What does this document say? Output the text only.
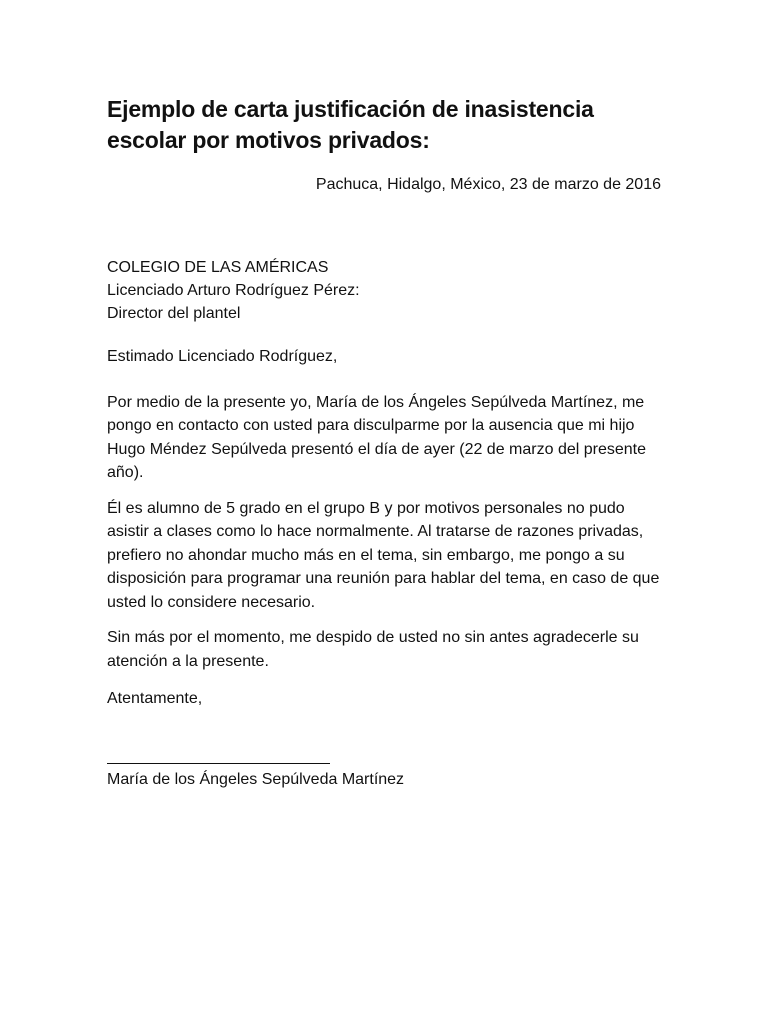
Ejemplo de carta justificación de inasistencia escolar por motivos privados:
Pachuca, Hidalgo, México, 23 de marzo de 2016
COLEGIO DE LAS AMÉRICAS
Licenciado Arturo Rodríguez Pérez:
Director del plantel

Estimado Licenciado Rodríguez,

Por medio de la presente yo, María de los Ángeles Sepúlveda Martínez, me pongo en contacto con usted para disculparme por la ausencia que mi hijo Hugo Méndez Sepúlveda presentó el día de ayer (22 de marzo del presente año).

Él es alumno de 5 grado en el grupo B y por motivos personales no pudo asistir a clases como lo hace normalmente. Al tratarse de razones privadas, prefiero no ahondar mucho más en el tema, sin embargo, me pongo a su disposición para programar una reunión para hablar del tema, en caso de que usted lo considere necesario.

Sin más por el momento, me despido de usted no sin antes agradecerle su atención a la presente.

Atentamente,

María de los Ángeles Sepúlveda Martínez
